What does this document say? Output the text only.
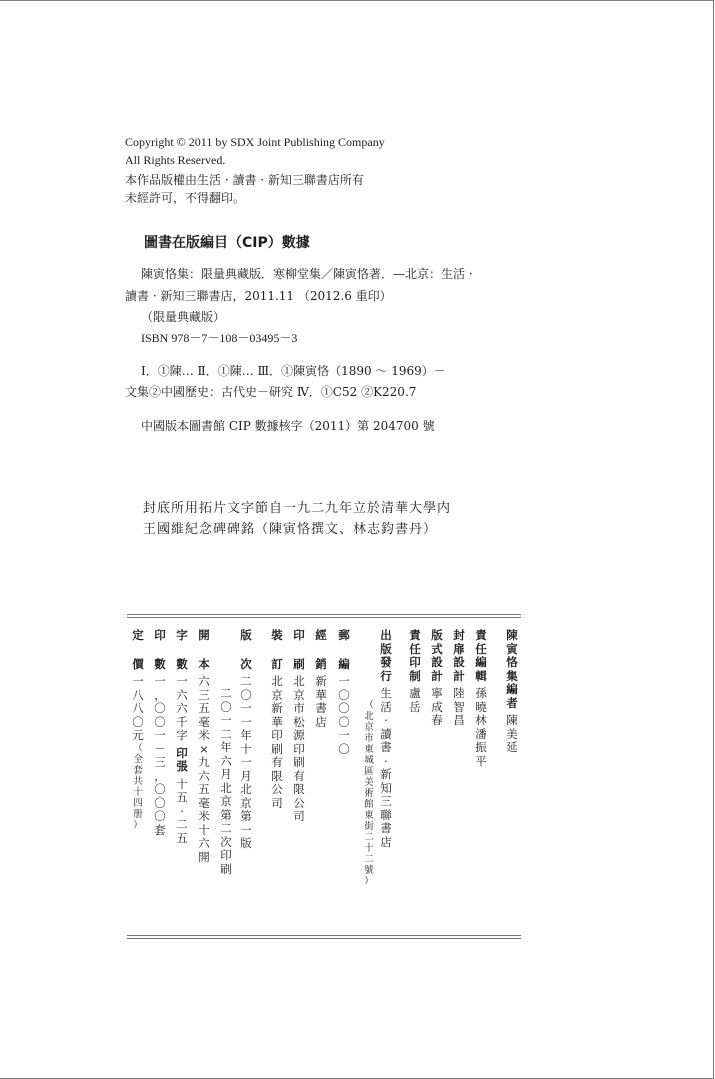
Copyright © 2011 by SDX Joint Publishing Company
All Rights Reserved.
本作品版權由生活 · 讀書 · 新知三聯書店所有
未經許可，不得翻印。
圖書在版編目（CIP）數據
陳寅恪集：限量典藏版．寒柳堂集／陳寅恪著．—北京：生活 ·
讀書 · 新知三聯書店，2011.11 （2012.6 重印）
（限量典藏版）
ISBN 978－7－108－03495－3
Ⅰ．①陳… Ⅱ．①陳… Ⅲ．①陳寅恪（1890 ～ 1969）－
文集②中國歷史：古代史－研究 Ⅳ．①C52 ②K220.7
中國版本圖書館 CIP 數據核字（2011）第 204700 號
封底所用拓片文字節自一九二九年立於清華大學内
王國維紀念碑碑銘（陳寅恪撰文、林志鈞書丹）
陳
寅
恪
集
編
者
陳
美
延
責
任
編
輯
孫
曉
林
潘
振
平
封
扉
設
計
陸
智
昌
版
式
設
計
寧
成
春
責
任
印
制
盧
岳
出
版
發
行
生
活
·
讀
書
·
新
知
三
聯
書
店
（
北
京
市
東
城
區
美
術
館
東
街
二
十
二
號
）
郵
編
一
〇
〇
〇
一
〇
經
銷
新
華
書
店
印
刷
北
京
市
松
源
印
刷
有
限
公
司
裝
訂
北
京
新
華
印
刷
有
限
公
司
版
次
二
〇
一
一
年
十
一
月
北
京
第
一
版
二
〇
一
二
年
六
月
北
京
第
二
次
印
刷
開
本
六
三
五
毫
米
×
九
六
五
毫
米
十
六
開
字
數
一
六
六
千
字
印
張
十
五
·
二
五
印
數
一
，
〇
〇
一
－
三
，
〇
〇
〇
套
定
價
一
八
八
〇
元
（
全
套
共
十
四
册
）
